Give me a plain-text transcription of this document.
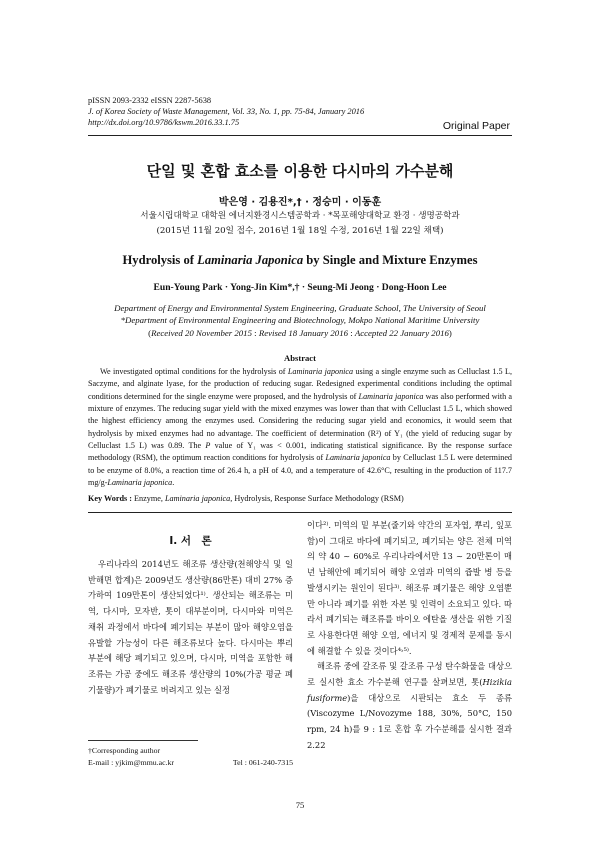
pISSN 2093-2332 eISSN 2287-5638
J. of Korea Society of Waste Management, Vol. 33, No. 1, pp. 75-84, January 2016
http://dx.doi.org/10.9786/kswm.2016.33.1.75	Original Paper
단일 및 혼합 효소를 이용한 다시마의 가수분해
박은영 · 김용진*,† · 정승미 · 이동훈
서울시립대학교 대학원 에너지환경시스템공학과 · *목포해양대학교 환경 · 생명공학과
(2015년 11월 20일 접수, 2016년 1월 18일 수정, 2016년 1월 22일 채택)
Hydrolysis of Laminaria Japonica by Single and Mixture Enzymes
Eun-Young Park · Yong-Jin Kim*,† · Seung-Mi Jeong · Dong-Hoon Lee
Department of Energy and Environmental System Engineering, Graduate School, The University of Seoul
*Department of Environmental Engineering and Biotechnology, Mokpo National Maritime University
(Received 20 November 2015 : Revised 18 January 2016 : Accepted 22 January 2016)
Abstract
We investigated optimal conditions for the hydrolysis of Laminaria japonica using a single enzyme such as Celluclast 1.5 L, Saczyme, and alginate lyase, for the production of reducing sugar. Redesigned experimental conditions including the optimal conditions determined for the single enzyme were proposed, and the hydrolysis of Laminaria japonica was also performed with a mixture of enzymes. The reducing sugar yield with the mixed enzymes was lower than that with Celluclast 1.5 L, which showed the highest efficiency among the enzymes used. Considering the reducing sugar yield and economics, it would seem that hydrolysis by mixed enzymes had no advantage. The coefficient of determination (R²) of Y₁ (the yield of reducing sugar by Celluclast 1.5 L) was 0.89. The P value of Y₁ was < 0.001, indicating statistical significance. By the response surface methodology (RSM), the optimum reaction conditions for hydrolysis of Laminaria japonica by Celluclast 1.5 L were determined to be enzyme of 8.0%, a reaction time of 26.4 h, a pH of 4.0, and a temperature of 42.6°C, resulting in the production of 117.7 mg/g-Laminaria japonica.
Key Words : Enzyme, Laminaria japonica, Hydrolysis, Response Surface Methodology (RSM)
I. 서　론

우리나라의 2014년도 해조류 생산량(천해양식 및 일반해면 합계)은 2009년도 생산량(86만톤) 대비 27% 증가하여 109만톤이 생산되었다¹⁾. 생산되는 해조류는 미역, 다시마, 모자반, 톳이 대부분이며, 다시마와 미역은 채취 과정에서 바다에 폐기되는 부분이 많아 해양오염을 유발할 가능성이 다른 해조류보다 높다. 다시마는 뿌리 부분에 해당 폐기되고 있으며, 다시마, 미역을 포함한 해조류는 가공 중에도 해조류 생산량의 10%(가공 평균 폐기물량)가 폐기물로 버려지고 있는 실정

이다²⁾. 미역의 밑 부분(줄기와 약간의 포자엽, 뿌리, 잎포함)이 그대로 바다에 폐기되고, 폐기되는 양은 전체 미역의 약 40 ~ 60%로 우리나라에서만 13 ~ 20만톤이 매년 남해안에 폐기되어 해양 오염과 미역의 쥽발 병 등을 발생시키는 원인이 된다³⁾. 해조류 폐기물은 해양 오염뿐만 아니라 폐기를 위한 자본 및 인력이 소요되고 있다. 따라서 폐기되는 해조류를 바이오 에탄올 생산을 위한 기질로 사용한다면 해양 오염, 에너지 및 경제적 문제를 동시에 해결할 수 있을 것이다⁴˒⁵⁾.

해조류 중에 갈조류 및 갈조류 구성 탄수화물을 대상으로 실시한 효소 가수분해 연구를 살펴보면, 톳(Hizikia fusiforme)을 대상으로 시판되는 효소 두 종류(Viscozyme L/Novozyme 188, 30%, 50°C, 150 rpm, 24 h)를 9 : 1로 혼합 후 가수분해를 실시한 결과 2.22

†Corresponding author
E-mail : yjkim@mmu.ac.kr	Tel : 061-240-7315
75
